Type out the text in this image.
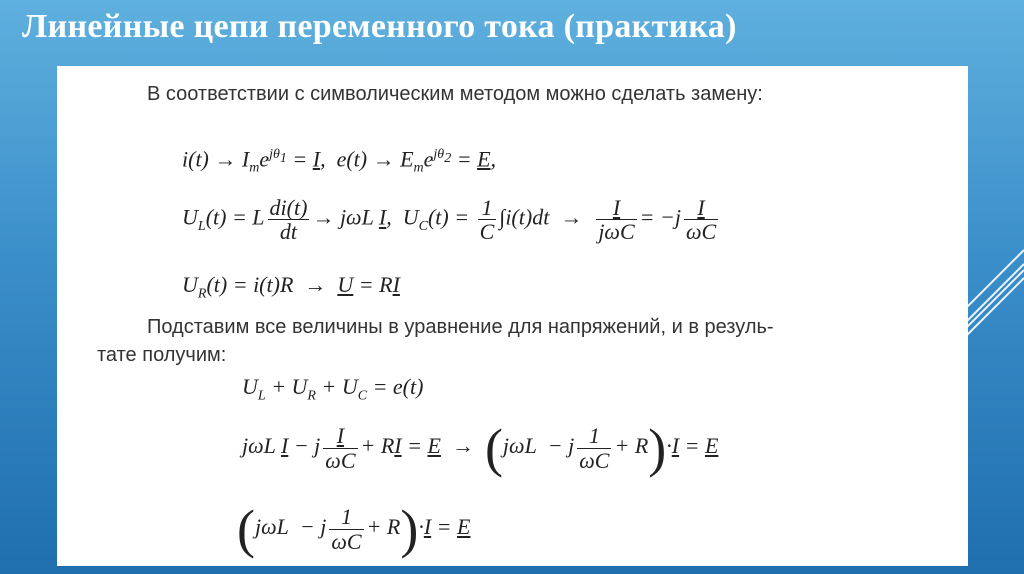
Линейные цепи переменного тока (практика)
В соответствии с символическим методом можно сделать замену:
$i(t) \to I_me^{j\theta_1} = I$,  $e(t) \to E_me^{j\theta_2} = E$,
$U_L(t) = L \frac{di(t)}{dt} \to j\omega L$ I,  $U_C(t) = \frac{1}{C} \int i(t)dt \to \frac{I}{\text{jωC}} = -j \frac{I}{\omega C}$
$U_R(t) = i(t)R \to U$ = RI
Подставим все величины в уравнение для напряжений, и в резуль-
тате получим:
$U_L + U_R + U_C = e(t)$
jωL I − j $\frac{I}{\omega C}$ + RI = E  →  (jωL  − j $\frac{1}{\omega C} + R)\cdot I = E$
(jωL  − j $\frac{1}{\omega C} + R)\cdot I = E$
